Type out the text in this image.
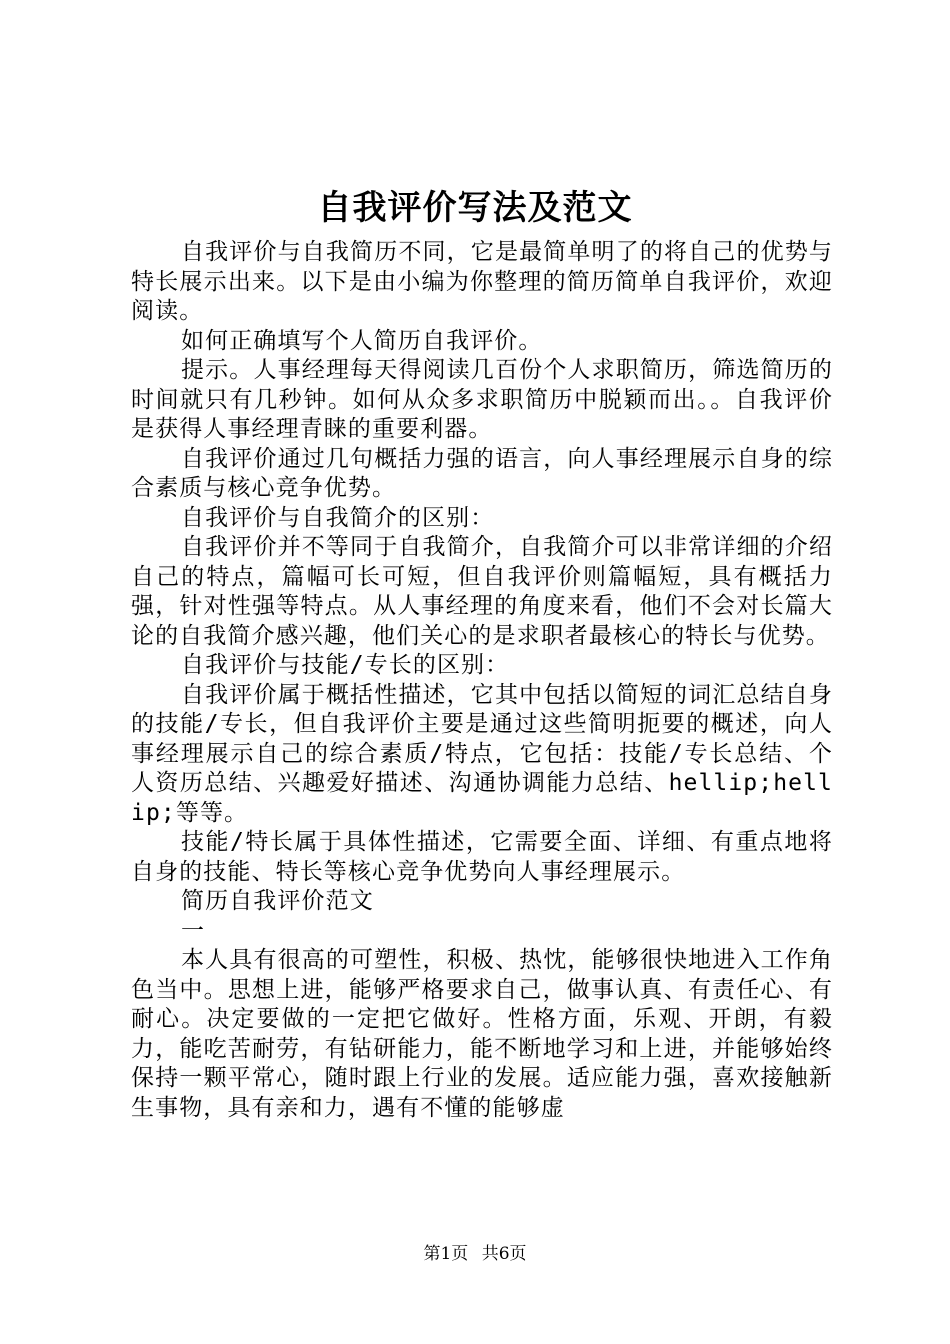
自我评价写法及范文

自我评价与自我简历不同，它是最简单明了的将自己的优势与特长展示出来。以下是由小编为你整理的简历简单自我评价，欢迎阅读。

如何正确填写个人简历自我评价。

提示。人事经理每天得阅读几百份个人求职简历，筛选简历的时间就只有几秒钟。如何从众多求职简历中脱颖而出。。自我评价是获得人事经理青睐的重要利器。

自我评价通过几句概括力强的语言，向人事经理展示自身的综合素质与核心竞争优势。

自我评价与自我简介的区别：

自我评价并不等同于自我简介，自我简介可以非常详细的介绍自己的特点，篇幅可长可短，但自我评价则篇幅短，具有概括力强，针对性强等特点。从人事经理的角度来看，他们不会对长篇大论的自我简介感兴趣，他们关心的是求职者最核心的特长与优势。

自我评价与技能/专长的区别：

自我评价属于概括性描述，它其中包括以简短的词汇总结自身的技能/专长，但自我评价主要是通过这些简明扼要的概述，向人事经理展示自己的综合素质/特点，它包括：技能/专长总结、个人资历总结、兴趣爱好描述、沟通协调能力总结、hellip;hellip;等等。

技能/特长属于具体性描述，它需要全面、详细、有重点地将自身的技能、特长等核心竞争优势向人事经理展示。

简历自我评价范文

一

本人具有很高的可塑性，积极、热忱，能够很快地进入工作角色当中。思想上进，能够严格要求自己，做事认真、有责任心、有耐心。决定要做的一定把它做好。性格方面，乐观、开朗，有毅力，能吃苦耐劳，有钻研能力，能不断地学习和上进，并能够始终保持一颗平常心，随时跟上行业的发展。适应能力强，喜欢接触新生事物，具有亲和力，遇有不懂的能够虚

第1页 共6页
